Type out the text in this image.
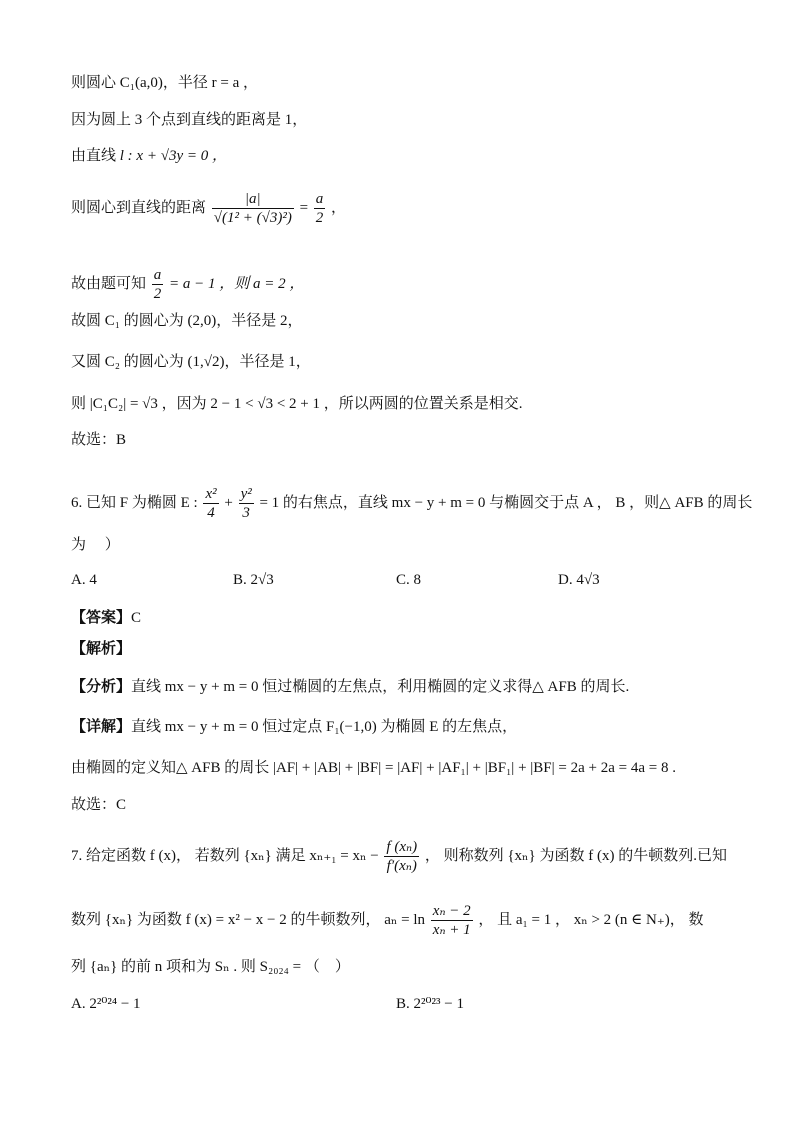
则圆心 C₁(a,0)，半径 r = a ，
因为圆上 3 个点到直线的距离是 1，
由直线 l : x + √3y = 0 ，
则圆心到直线的距离 $\frac{|a|}{\text{√(1² + (√3)²)}} = \frac{a}{2}$ ，
故由题可知 $\frac{a}{2} = a - 1$ ，则 a = 2 ，
故圆 C₁ 的圆心为 (2,0)，半径是 2，
又圆 C₂ 的圆心为 (1,√2)，半径是 1，
则 |C₁C₂| = √3 ，因为 2 − 1 < √3 < 2 + 1 ，所以两圆的位置关系是相交.
故选：B
6. 已知 F 为椭圆 E : $\frac{\text{x²}}{4} + \frac{\text{y²}}{3} = 1$ 的右焦点，直线 mx − y + m = 0 与椭圆交于点 A ， B ，则△ AFB 的周长
为　 ）
A. 4	B. 2√3	C. 8	D. 4√3
【答案】C
【解析】
【分析】直线 mx − y + m = 0 恒过椭圆的左焦点，利用椭圆的定义求得△ AFB 的周长.
【详解】直线 mx − y + m = 0 恒过定点 F₁(−1,0) 为椭圆 E 的左焦点，
由椭圆的定义知△ AFB 的周长 |AF| + |AB| + |BF| = |AF| + |AF₁| + |BF₁| + |BF| = 2a + 2a = 4a = 8 .
故选：C
7. 给定函数 f (x)， 若数列 {xₙ} 满足 $x_{n+1} = x_n - \frac{\text{f (xₙ)}}{\text{f′(xₙ)}}$ ， 则称数列 {xₙ} 为函数 f (x) 的牛顿数列.已知
数列 {xₙ} 为函数 f (x) = x² − x − 2 的牛顿数列， $a_n = \ln \frac{\text{xₙ − 2}}{\text{xₙ + 1}}$ ， 且 a₁ = 1 ， xₙ > 2 (n ∈ N₊)， 数
列 {aₙ} 的前 n 项和为 Sₙ . 则 S₂₀₂₄ = （　）
A. 2²⁰²⁴ − 1	B. 2²⁰²³ − 1
